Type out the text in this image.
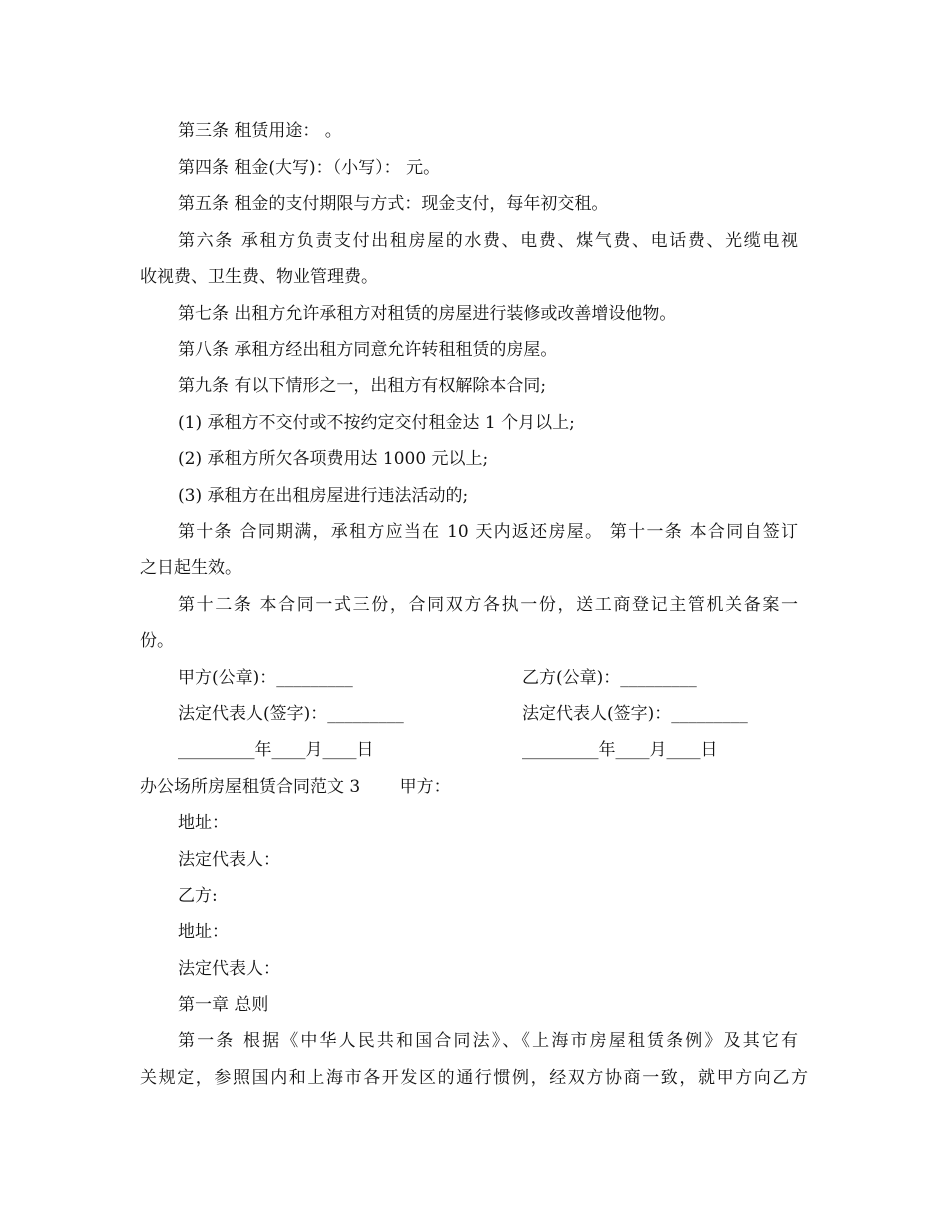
第三条 租赁用途： 。
第四条 租金(大写)：（小写）： 元。
第五条 租金的支付期限与方式：现金支付，每年初交租。
第六条 承租方负责支付出租房屋的水费、电费、煤气费、电话费、光缆电视
收视费、卫生费、物业管理费。
第七条 出租方允许承租方对租赁的房屋进行装修或改善增设他物。
第八条 承租方经出租方同意允许转租租赁的房屋。
第九条 有以下情形之一，出租方有权解除本合同;
(1) 承租方不交付或不按约定交付租金达 1 个月以上;
(2) 承租方所欠各项费用达 1000 元以上;
(3) 承租方在出租房屋进行违法活动的;
第十条 合同期满，承租方应当在 10 天内返还房屋。 第十一条 本合同自签订
之日起生效。
第十二条 本合同一式三份，合同双方各执一份，送工商登记主管机关备案一
份。
甲方(公章)：_________	乙方(公章)：_________
法定代表人(签字)：_________	法定代表人(签字)：_________
_________年____月____日	_________年____月____日
办公场所房屋租赁合同范文 3 　　甲方：
地址：
法定代表人：
乙方:
地址：
法定代表人：
第一章 总则
第一条 根据《中华人民共和国合同法》、《上海市房屋租赁条例》及其它有
关规定，参照国内和上海市各开发区的通行惯例，经双方协商一致，就甲方向乙方
